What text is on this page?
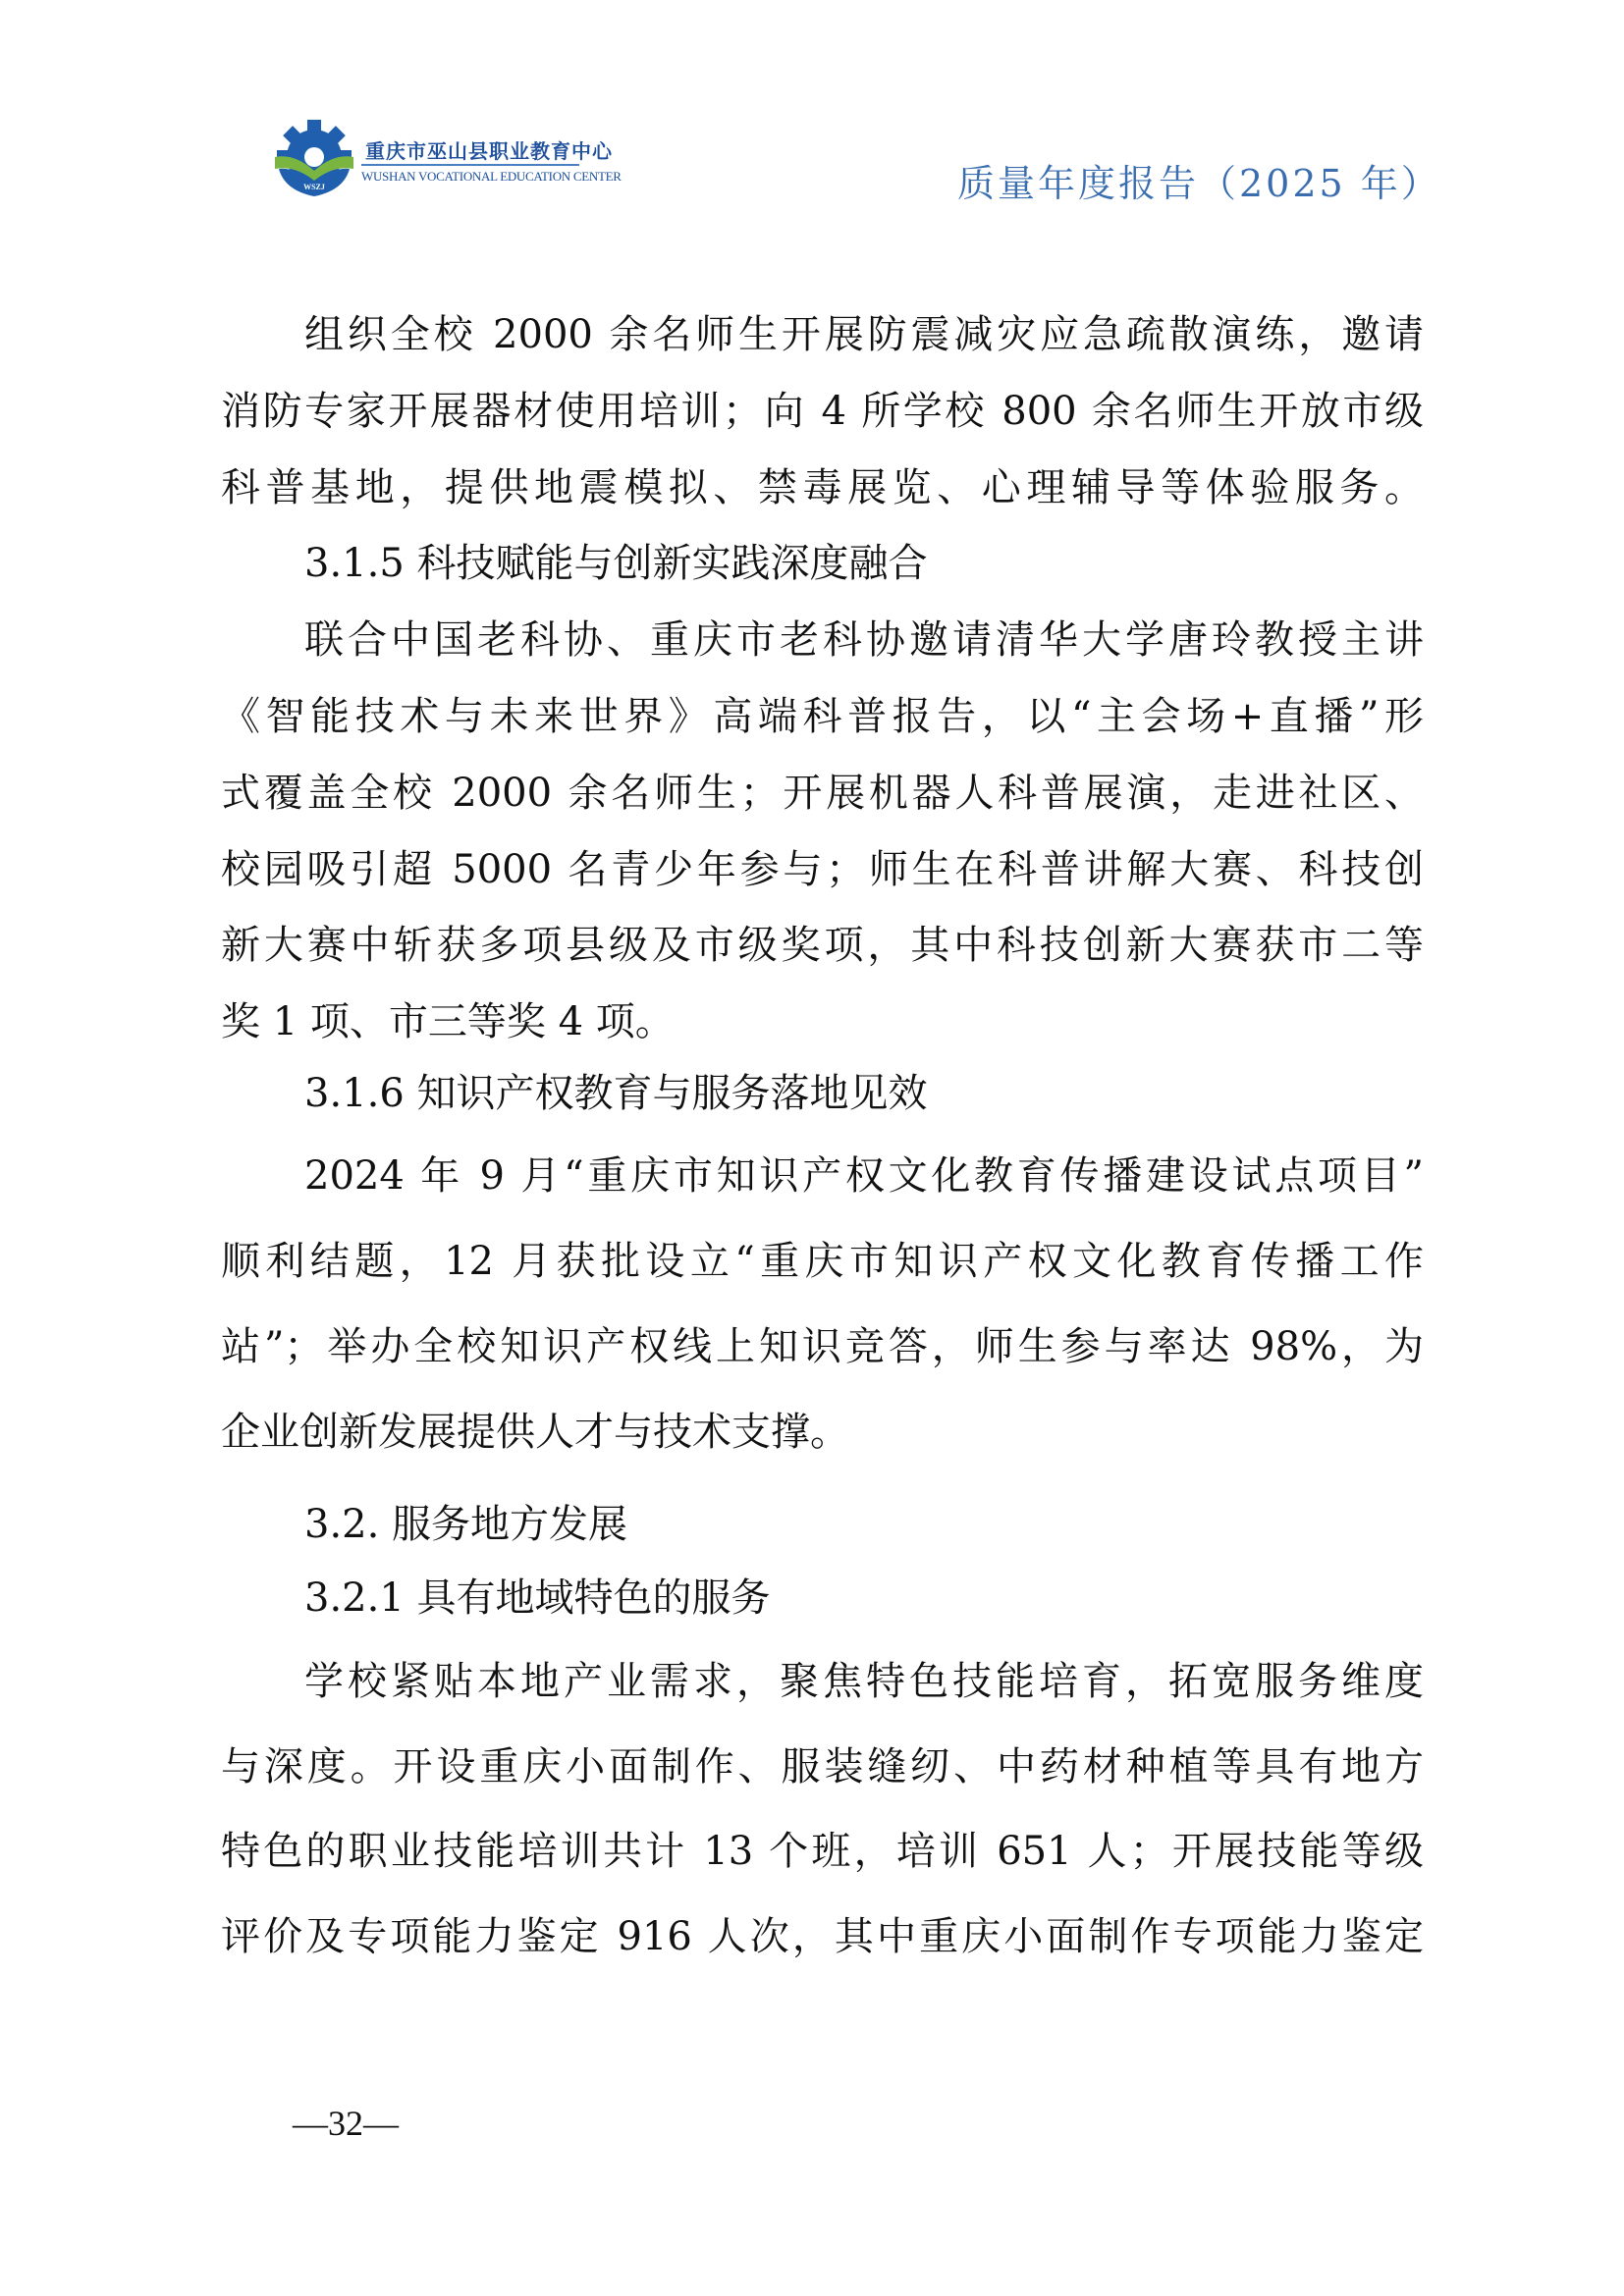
WSZJ
重庆市巫山县职业教育中心
WUSHAN VOCATIONAL EDUCATION CENTER	质量年度报告（2025 年）
组织全校 2000 余名师生开展防震减灾应急疏散演练，邀请
消防专家开展器材使用培训；向 4 所学校 800 余名师生开放市级
科普基地，提供地震模拟、禁毒展览、心理辅导等体验服务。
3.1.5 科技赋能与创新实践深度融合
联合中国老科协、重庆市老科协邀请清华大学唐玲教授主讲
《智能技术与未来世界》高端科普报告，以“主会场+直播”形
式覆盖全校 2000 余名师生；开展机器人科普展演，走进社区、
校园吸引超 5000 名青少年参与；师生在科普讲解大赛、科技创
新大赛中斩获多项县级及市级奖项，其中科技创新大赛获市二等
奖 1 项、市三等奖 4 项。
3.1.6 知识产权教育与服务落地见效
2024 年 9 月“重庆市知识产权文化教育传播建设试点项目”
顺利结题，12 月获批设立“重庆市知识产权文化教育传播工作
站”；举办全校知识产权线上知识竞答，师生参与率达 98%，为
企业创新发展提供人才与技术支撑。
3.2. 服务地方发展
3.2.1 具有地域特色的服务
学校紧贴本地产业需求，聚焦特色技能培育，拓宽服务维度
与深度。开设重庆小面制作、服装缝纫、中药材种植等具有地方
特色的职业技能培训共计 13 个班，培训 651 人；开展技能等级
评价及专项能力鉴定 916 人次，其中重庆小面制作专项能力鉴定
—32—
